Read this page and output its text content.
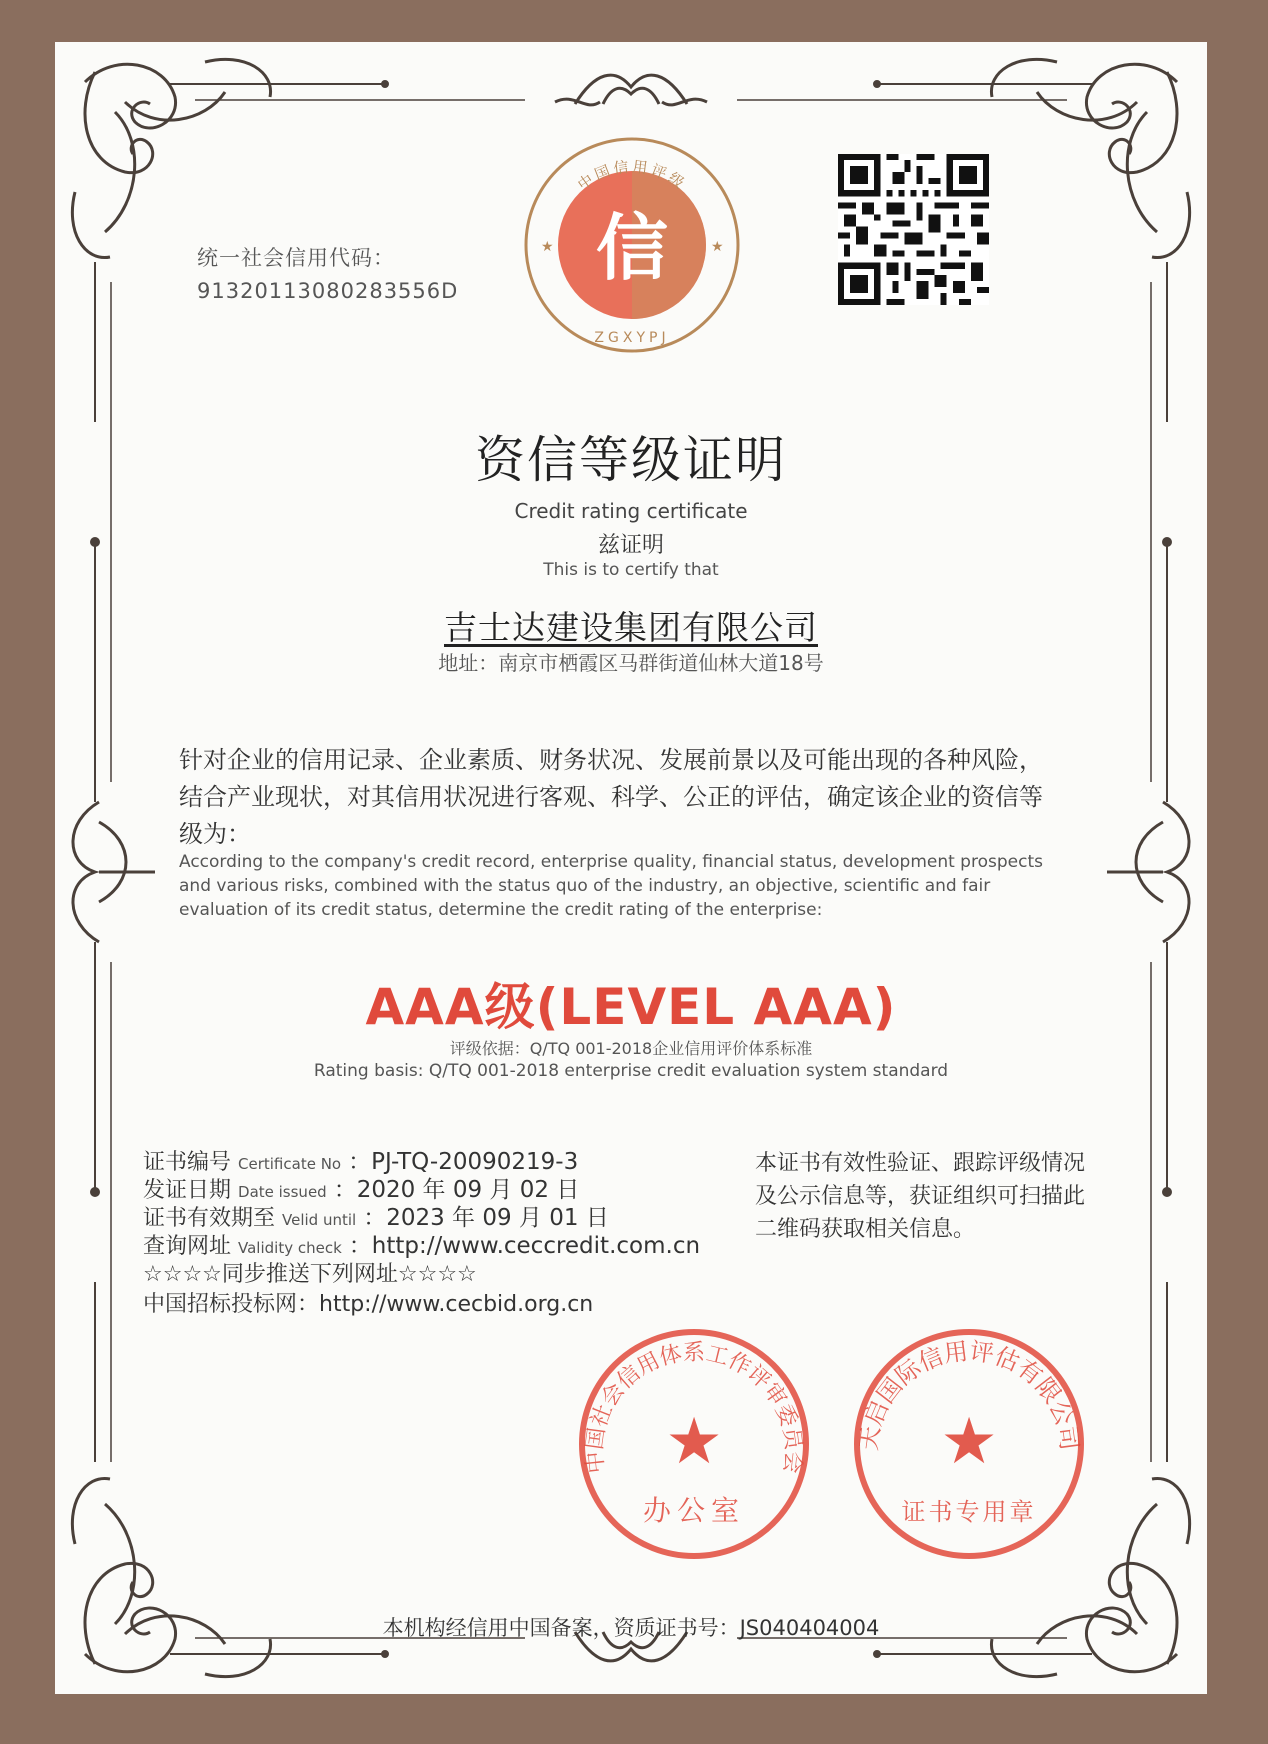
统一社会信用代码：
91320113080283556D
信
中国信用评级
ZGXYPJ
★	★
资信等级证明
Credit rating certificate
兹证明
This is to certify that
吉士达建设集团有限公司
地址：南京市栖霞区马群街道仙林大道18号
针对企业的信用记录、企业素质、财务状况、发展前景以及可能出现的各种风险，
结合产业现状，对其信用状况进行客观、科学、公正的评估，确定该企业的资信等
级为：
According to the company's credit record, enterprise quality, financial status, development prospects
and various risks, combined with the status quo of the industry, an objective, scientific and fair
evaluation of its credit status, determine the credit rating of the enterprise:
AAA级(LEVEL AAA)
评级依据：Q/TQ 001-2018企业信用评价体系标准
Rating basis: Q/TQ 001-2018 enterprise credit evaluation system standard
证书编号 Certificate No ：PJ-TQ-20090219-3
发证日期 Date issued ：2020 年 09 月 02 日
证书有效期至 Velid until ：2023 年 09 月 01 日
查询网址 Validity check ：http://www.ceccredit.com.cn
☆☆☆☆同步推送下列网址☆☆☆☆
中国招标投标网：http://www.cecbid.org.cn
本证书有效性验证、跟踪评级情况
及公示信息等，获证组织可扫描此
二维码获取相关信息。
中国社会信用体系工作评审委员会
★
办公室
天启国际信用评估有限公司
★
证书专用章
本机构经信用中国备案，资质证书号：JS040404004
